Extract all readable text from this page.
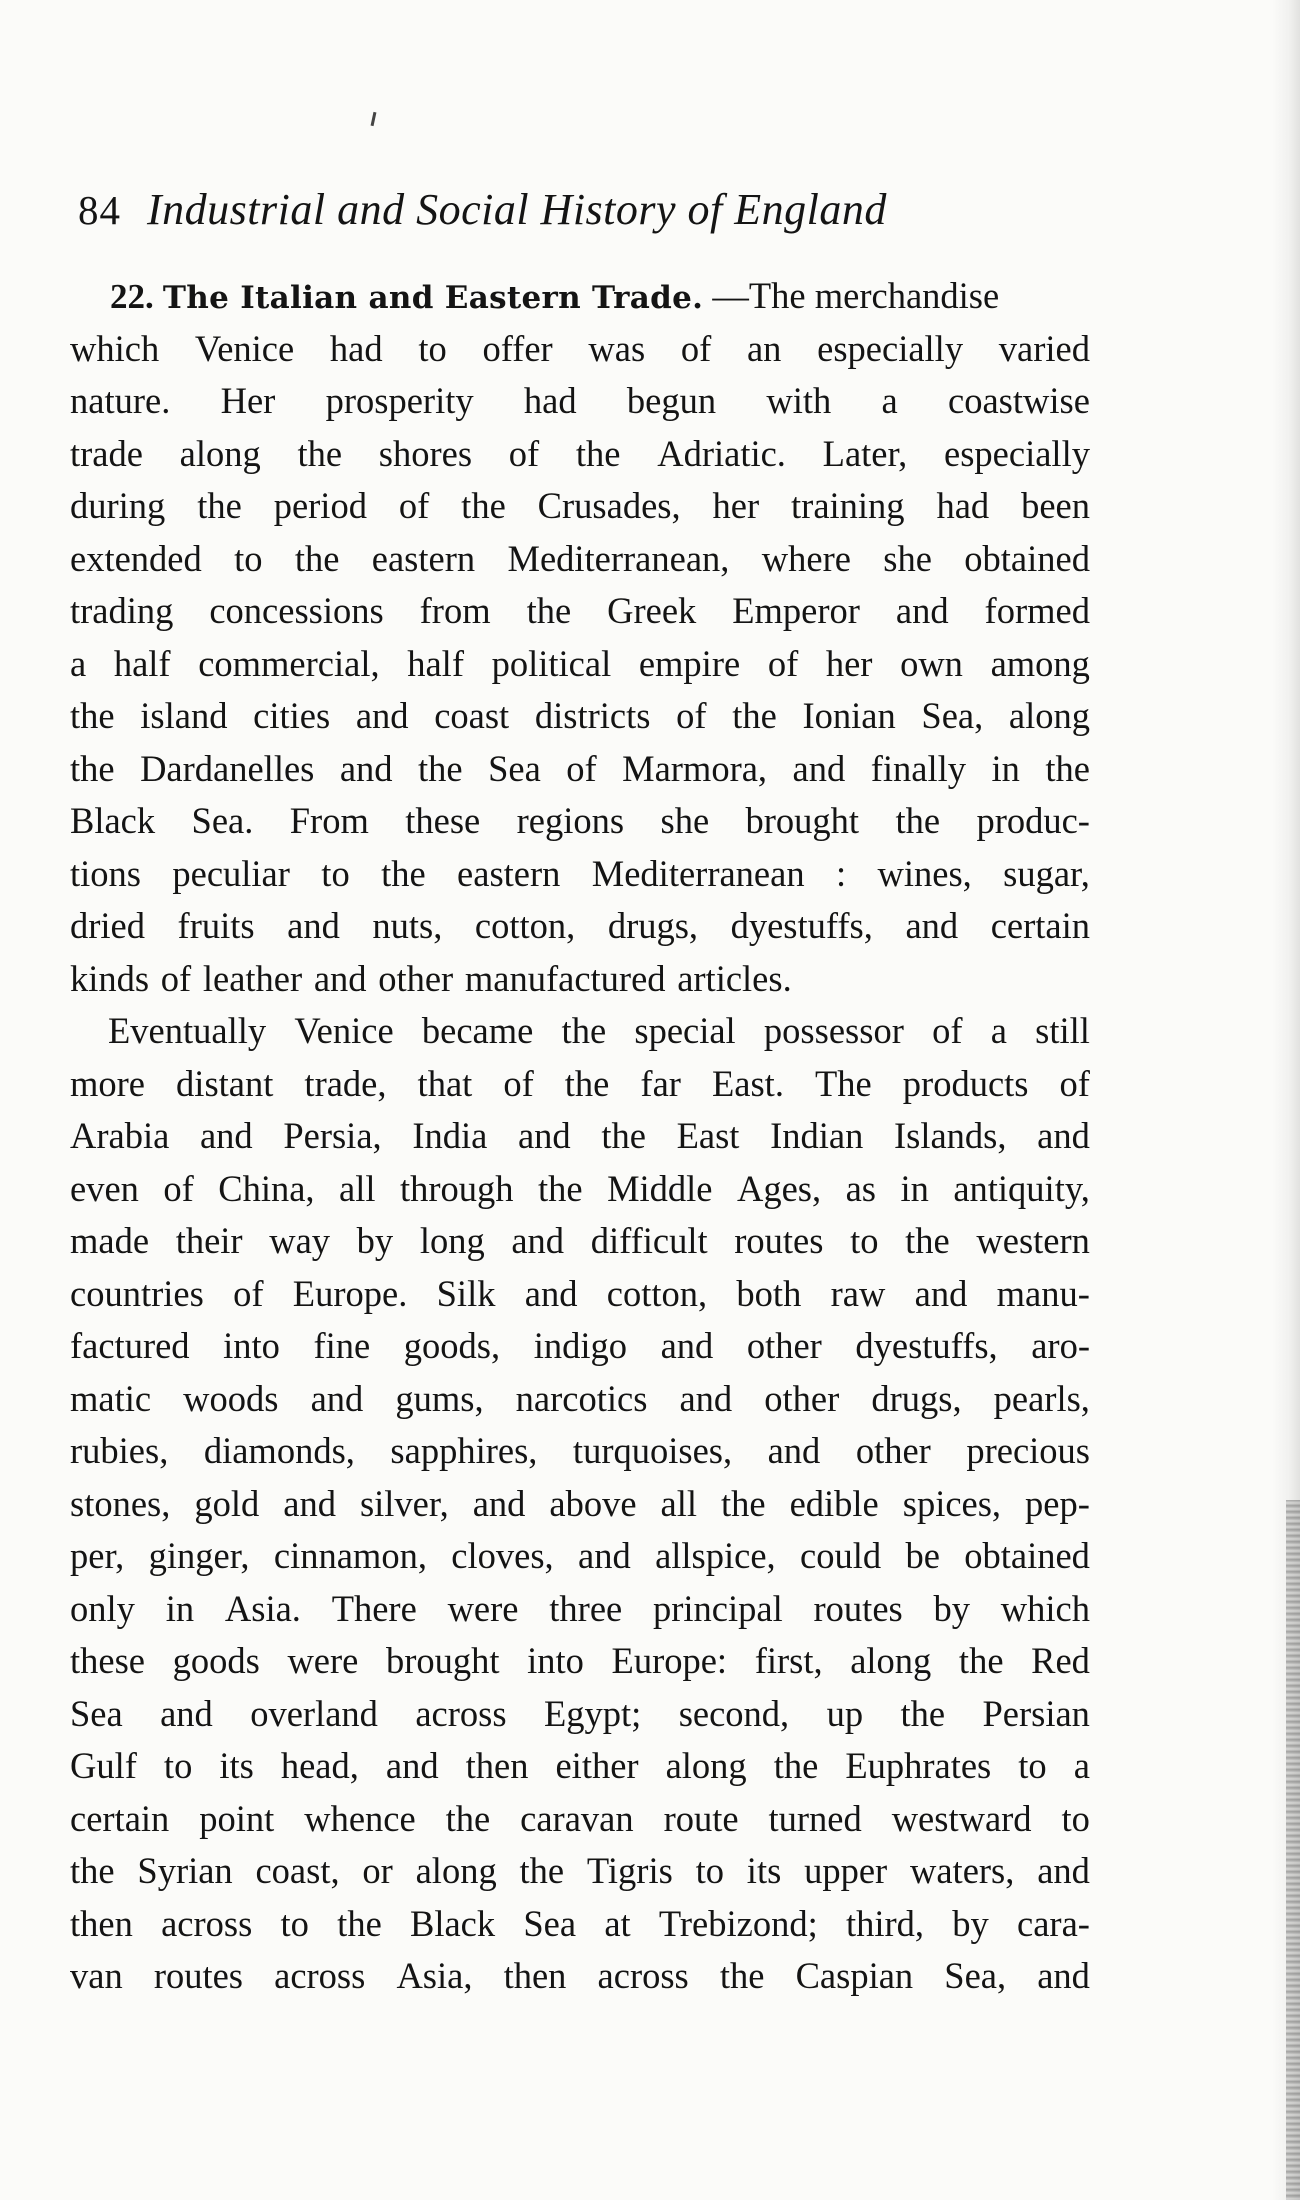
84 Industrial and Social History of England
22. The Italian and Eastern Trade. —The merchandise
which Venice had to offer was of an especially varied
nature. Her prosperity had begun with a coastwise
trade along the shores of the Adriatic. Later, especially
during the period of the Crusades, her training had been
extended to the eastern Mediterranean, where she obtained
trading concessions from the Greek Emperor and formed
a half commercial, half political empire of her own among
the island cities and coast districts of the Ionian Sea, along
the Dardanelles and the Sea of Marmora, and finally in the
Black Sea. From these regions she brought the produc-
tions peculiar to the eastern Mediterranean : wines, sugar,
dried fruits and nuts, cotton, drugs, dyestuffs, and certain
kinds of leather and other manufactured articles.
Eventually Venice became the special possessor of a still
more distant trade, that of the far East. The products of
Arabia and Persia, India and the East Indian Islands, and
even of China, all through the Middle Ages, as in antiquity,
made their way by long and difficult routes to the western
countries of Europe. Silk and cotton, both raw and manu-
factured into fine goods, indigo and other dyestuffs, aro-
matic woods and gums, narcotics and other drugs, pearls,
rubies, diamonds, sapphires, turquoises, and other precious
stones, gold and silver, and above all the edible spices, pep-
per, ginger, cinnamon, cloves, and allspice, could be obtained
only in Asia. There were three principal routes by which
these goods were brought into Europe: first, along the Red
Sea and overland across Egypt; second, up the Persian
Gulf to its head, and then either along the Euphrates to a
certain point whence the caravan route turned westward to
the Syrian coast, or along the Tigris to its upper waters, and
then across to the Black Sea at Trebizond; third, by cara-
van routes across Asia, then across the Caspian Sea, and
